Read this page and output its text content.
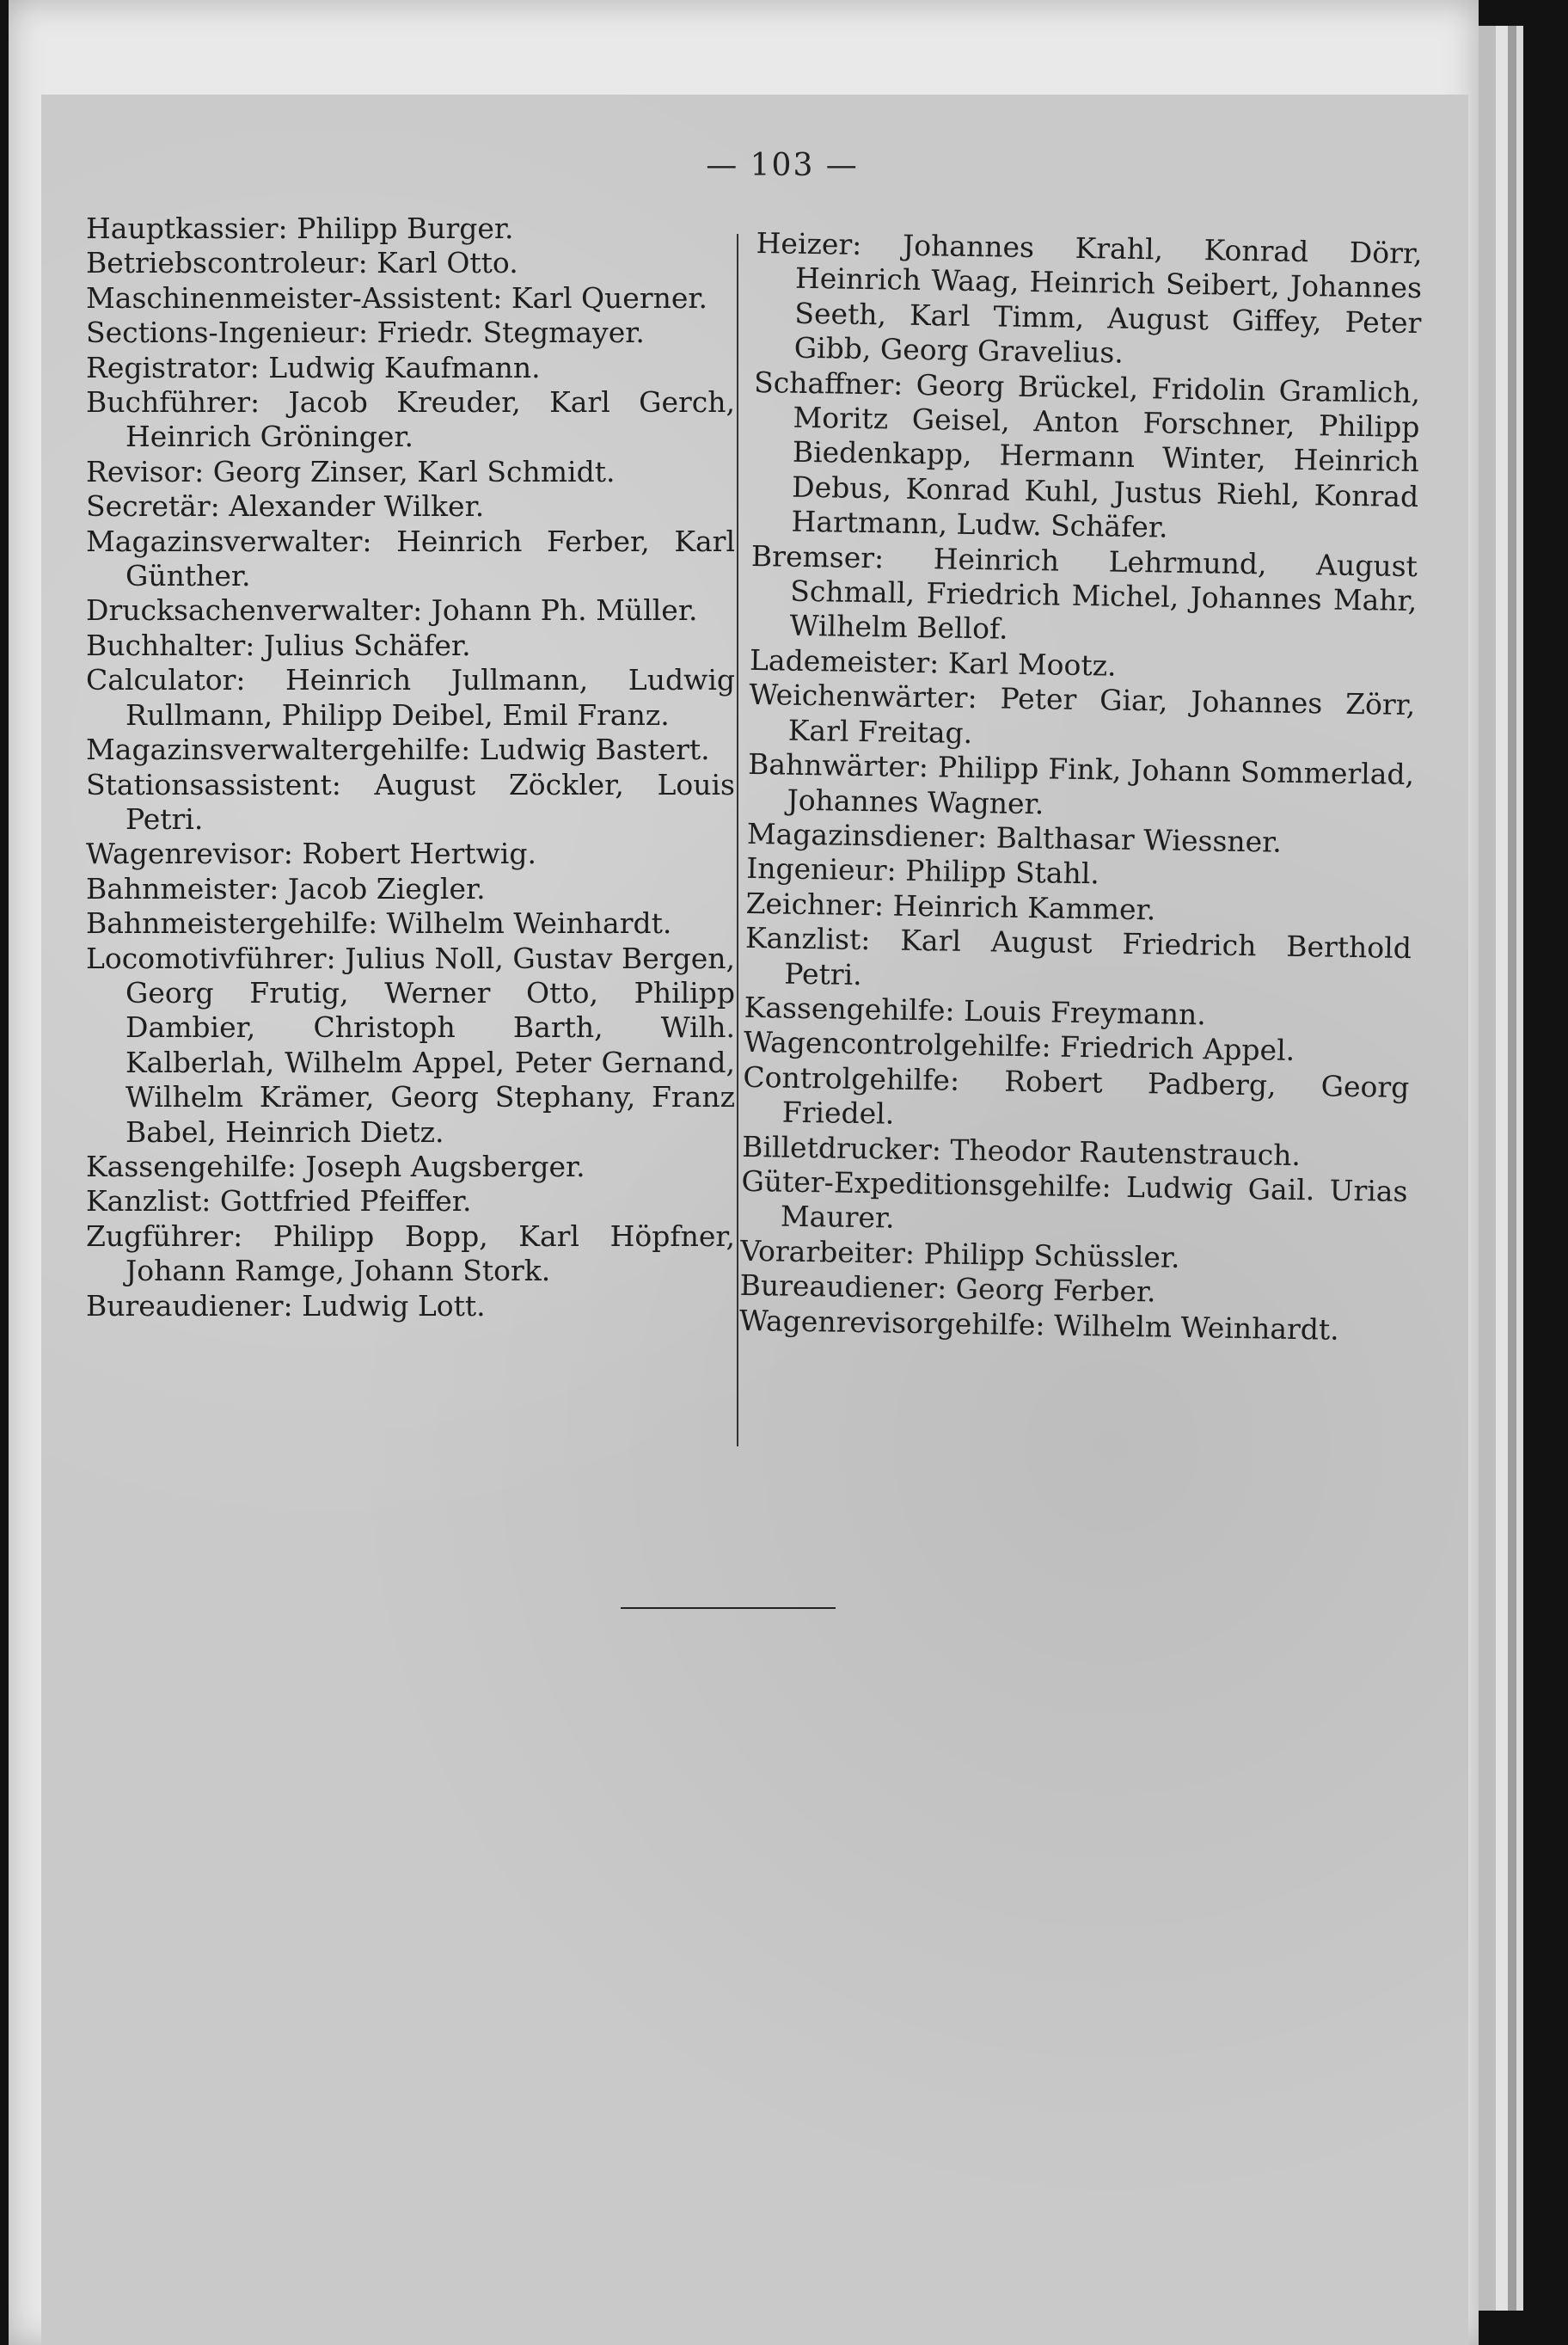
— 103 —

Hauptkassier: Philipp Burger.

Betriebscontroleur: Karl Otto.

Maschinenmeister-Assistent: Karl Querner.

Sections-Ingenieur: Friedr. Stegmayer.

Registrator: Ludwig Kaufmann.

Buchführer: Jacob Kreuder, Karl Gerch, Heinrich Gröninger.

Revisor: Georg Zinser, Karl Schmidt.

Secretär: Alexander Wilker.

Magazinsverwalter: Heinrich Ferber, Karl Günther.

Drucksachenverwalter: Johann Ph. Müller.

Buchhalter: Julius Schäfer.

Calculator: Heinrich Jullmann, Ludwig Rullmann, Philipp Deibel, Emil Franz.

Magazinsverwaltergehilfe: Ludwig Bastert.

Stationsassistent: August Zöckler, Louis Petri.

Wagenrevisor: Robert Hertwig.

Bahnmeister: Jacob Ziegler.

Bahnmeistergehilfe: Wilhelm Weinhardt.

Locomotivführer: Julius Noll, Gustav Bergen, Georg Frutig, Werner Otto, Philipp Dambier, Christoph Barth, Wilh. Kalberlah, Wilhelm Appel, Peter Gernand, Wilhelm Krämer, Georg Stephany, Franz Babel, Heinrich Dietz.

Kassengehilfe: Joseph Augsberger.

Kanzlist: Gottfried Pfeiffer.

Zugführer: Philipp Bopp, Karl Höpfner, Johann Ramge, Johann Stork.

Bureaudiener: Ludwig Lott.

Heizer: Johannes Krahl, Konrad Dörr, Heinrich Waag, Heinrich Seibert, Johannes Seeth, Karl Timm, August Giffey, Peter Gibb, Georg Gravelius.

Schaffner: Georg Brückel, Fridolin Gramlich, Moritz Geisel, Anton Forschner, Philipp Biedenkapp, Hermann Winter, Heinrich Debus, Konrad Kuhl, Justus Riehl, Konrad Hartmann, Ludw. Schäfer.

Bremser: Heinrich Lehrmund, August Schmall, Friedrich Michel, Johannes Mahr, Wilhelm Bellof.

Lademeister: Karl Mootz.

Weichenwärter: Peter Giar, Johannes Zörr, Karl Freitag.

Bahnwärter: Philipp Fink, Johann Sommerlad, Johannes Wagner.

Magazinsdiener: Balthasar Wiessner.

Ingenieur: Philipp Stahl.

Zeichner: Heinrich Kammer.

Kanzlist: Karl August Friedrich Berthold Petri.

Kassengehilfe: Louis Freymann.

Wagencontrolgehilfe: Friedrich Appel.

Controlgehilfe: Robert Padberg, Georg Friedel.

Billetdrucker: Theodor Rautenstrauch.

Güter-Expeditionsgehilfe: Ludwig Gail. Urias Maurer.

Vorarbeiter: Philipp Schüssler.

Bureaudiener: Georg Ferber.

Wagenrevisorgehilfe: Wilhelm Weinhardt.
